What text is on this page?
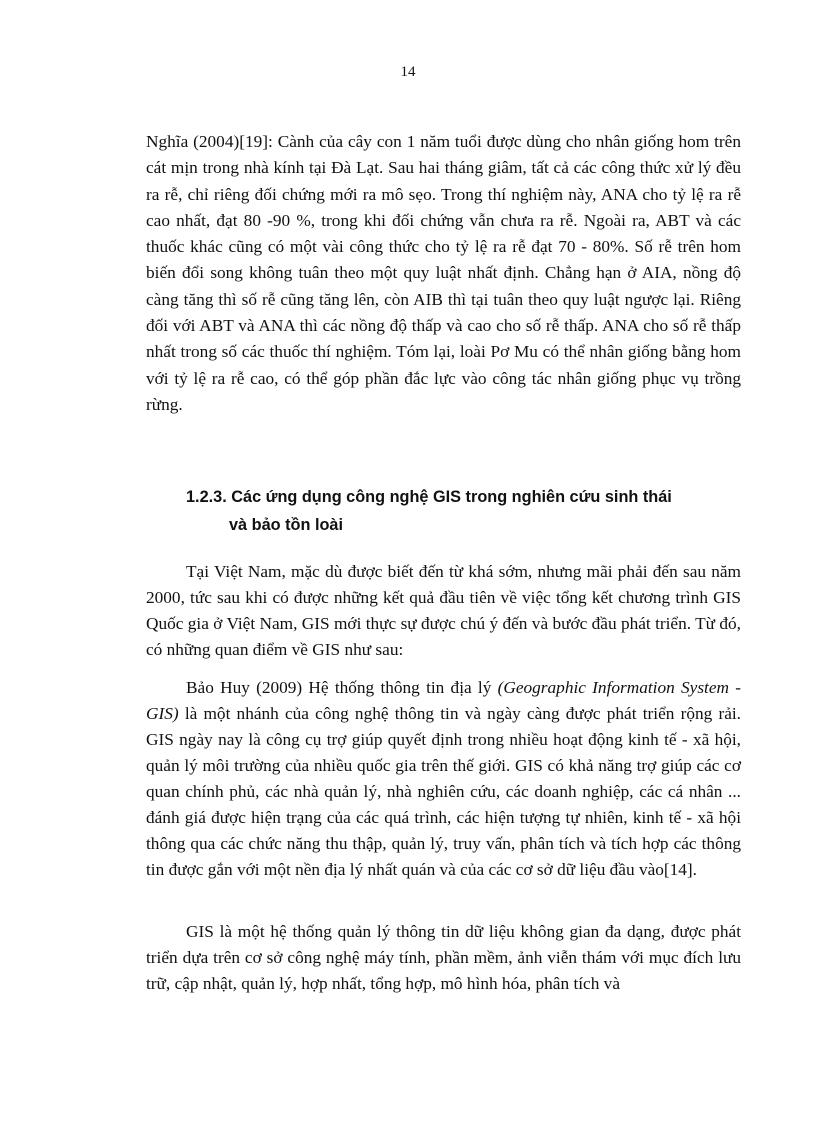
14

Nghĩa (2004)[19]: Cành của cây con 1 năm tuổi được dùng cho nhân giống hom trên cát mịn trong nhà kính tại Đà Lạt. Sau hai tháng giâm, tất cả các công thức xử lý đều ra rễ, chỉ riêng đối chứng mới ra mô sẹo. Trong thí nghiệm này, ANA cho tỷ lệ ra rễ cao nhất, đạt 80 -90 %, trong khi đối chứng vẫn chưa ra rễ. Ngoài ra, ABT và các thuốc khác cũng có một vài công thức cho tỷ lệ ra rễ đạt 70 - 80%. Số rễ trên hom biến đổi song không tuân theo một quy luật nhất định. Chẳng hạn ở AIA, nồng độ càng tăng thì số rễ cũng tăng lên, còn AIB thì tại tuân theo quy luật ngược lại. Riêng đối với ABT và ANA thì các nồng độ thấp và cao cho số rễ thấp. ANA cho số rễ thấp nhất trong số các thuốc thí nghiệm. Tóm lại, loài Pơ Mu có thể nhân giống bằng hom với tỷ lệ ra rễ cao, có thể góp phần đắc lực vào công tác nhân giống phục vụ trồng rừng.

1.2.3. Các ứng dụng công nghệ GIS trong nghiên cứu sinh thái
và bảo tồn loài

Tại Việt Nam, mặc dù được biết đến từ khá sớm, nhưng mãi phải đến sau năm 2000, tức sau khi có được những kết quả đầu tiên về việc tổng kết chương trình GIS Quốc gia ở Việt Nam, GIS mới thực sự được chú ý đến và bước đầu phát triển. Từ đó, có những quan điểm về GIS như sau:

Bảo Huy (2009) Hệ thống thông tin địa lý (Geographic Information System - GIS) là một nhánh của công nghệ thông tin và ngày càng được phát triển rộng rải. GIS ngày nay là công cụ trợ giúp quyết định trong nhiều hoạt động kinh tế - xã hội, quản lý môi trường của nhiều quốc gia trên thế giới. GIS có khả năng trợ giúp các cơ quan chính phủ, các nhà quản lý, nhà nghiên cứu, các doanh nghiệp, các cá nhân ... đánh giá được hiện trạng của các quá trình, các hiện tượng tự nhiên, kinh tế - xã hội thông qua các chức năng thu thập, quản lý, truy vấn, phân tích và tích hợp các thông tin được gắn với một nền địa lý nhất quán và của các cơ sở dữ liệu đầu vào[14].

GIS là một hệ thống quản lý thông tin dữ liệu không gian đa dạng, được phát triển dựa trên cơ sở công nghệ máy tính, phần mềm, ảnh viễn thám với mục đích lưu trữ, cập nhật, quản lý, hợp nhất, tổng hợp, mô hình hóa, phân tích và
